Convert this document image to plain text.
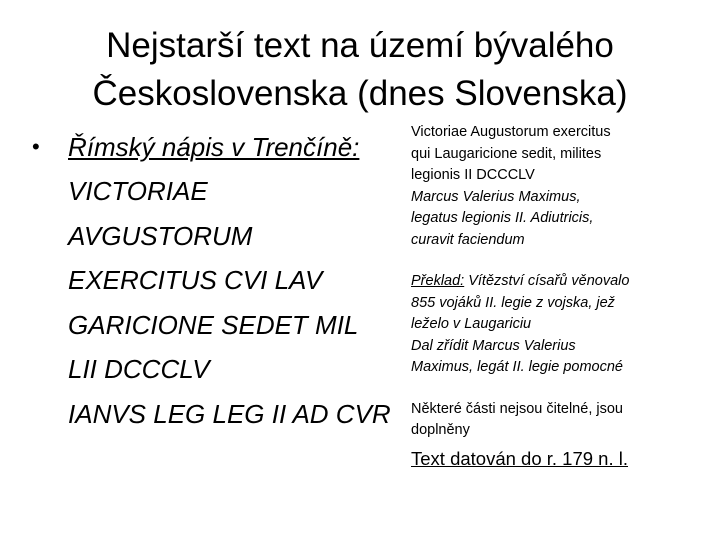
Nejstarší text na území bývalého
Československa (dnes Slovenska)
•	Římský nápis v Trenčíně:
VICTORIAE
AVGUSTORUM
EXERCITUS CVI LAV
GARICIONE SEDET MIL
LII DCCCLV
IANVS LEG LEG II AD CVR
Victoriae Augustorum exercitus
qui Laugaricione sedit, milites
legionis II DCCCLV
Marcus Valerius Maximus,
legatus legionis II. Adiutricis,
curavit faciendum
Překlad: Vítězství císařů věnovalo
855 vojáků II. legie z vojska, jež
leželo v Laugariciu
Dal zřídit Marcus Valerius
Maximus, legát II. legie pomocné
Některé části nejsou čitelné, jsou
doplněny
Text datován do r. 179 n. l.
